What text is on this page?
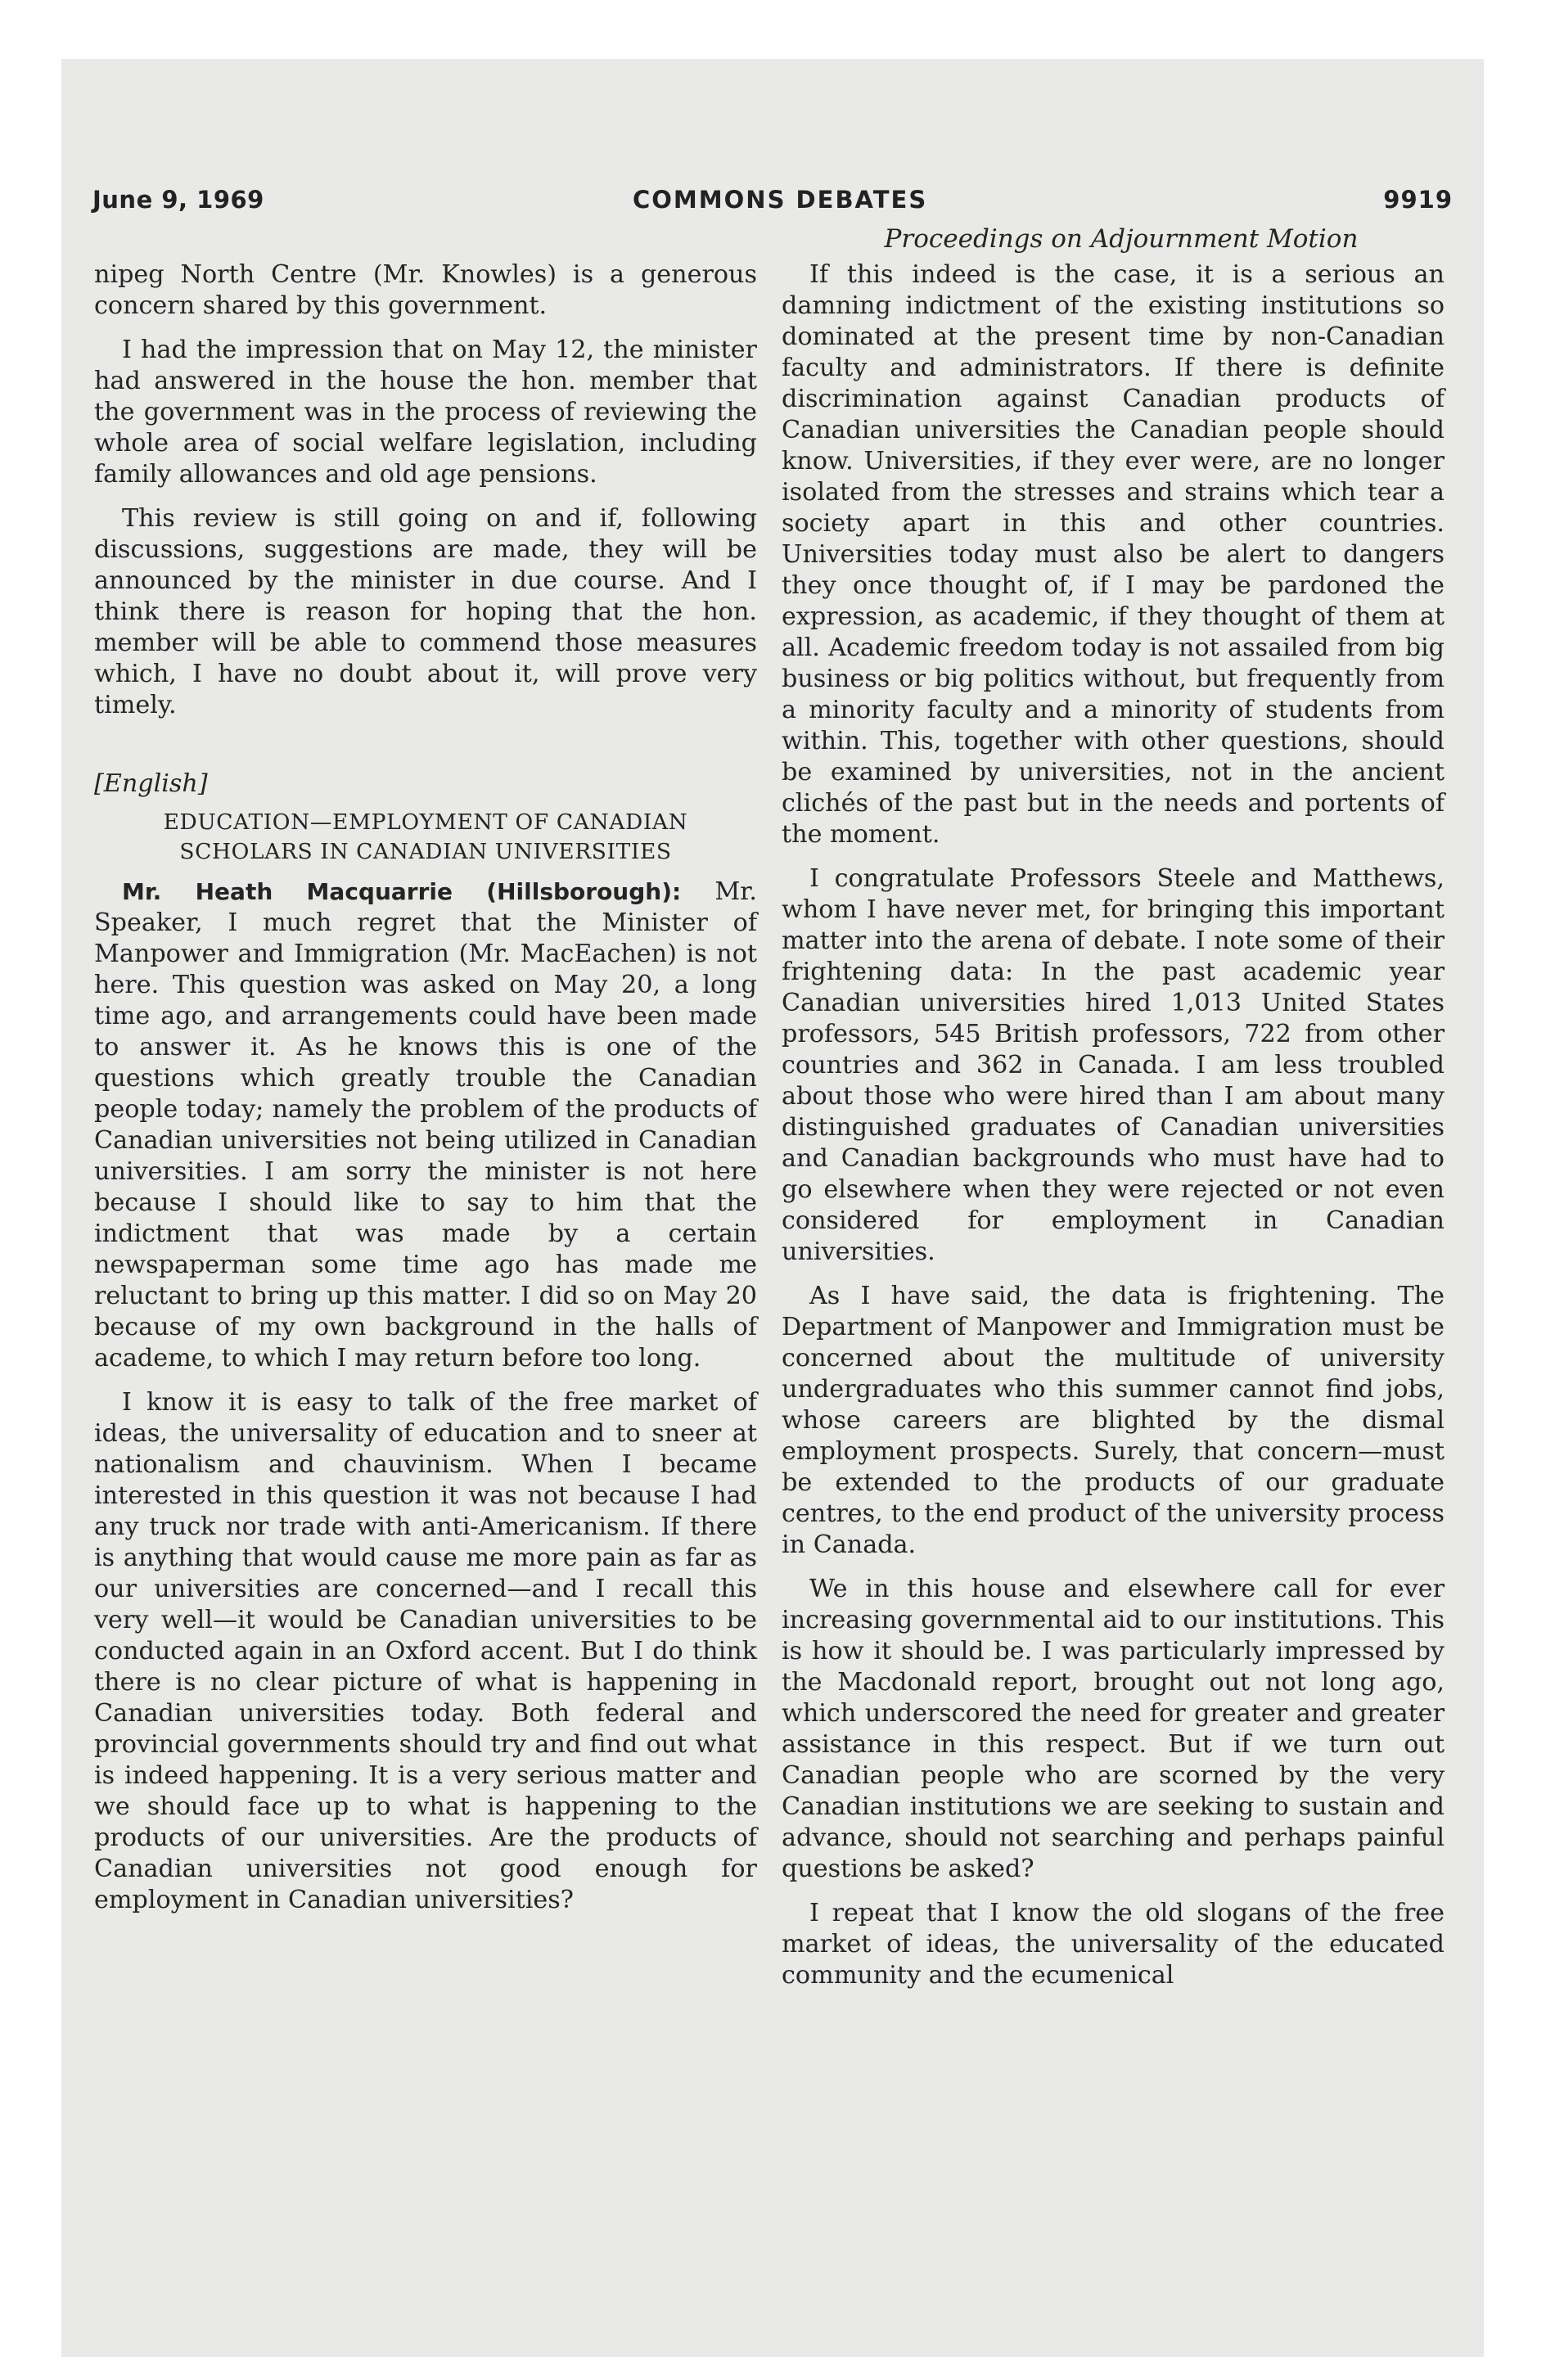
June 9, 1969	COMMONS DEBATES	9919
Proceedings on Adjournment Motion

nipeg North Centre (Mr. Knowles) is a generous concern shared by this government.

I had the impression that on May 12, the minister had answered in the house the hon. member that the government was in the process of reviewing the whole area of social welfare legislation, including family allowances and old age pensions.

This review is still going on and if, following discussions, suggestions are made, they will be announced by the minister in due course. And I think there is reason for hoping that the hon. member will be able to commend those measures which, I have no doubt about it, will prove very timely.

[English]

EDUCATION—EMPLOYMENT OF CANADIAN SCHOLARS IN CANADIAN UNIVERSITIES

Mr. Heath Macquarrie (Hillsborough): Mr. Speaker, I much regret that the Minister of Manpower and Immigration (Mr. MacEachen) is not here. This question was asked on May 20, a long time ago, and arrangements could have been made to answer it. As he knows this is one of the questions which greatly trouble the Canadian people today; namely the problem of the products of Canadian universities not being utilized in Canadian universities. I am sorry the minister is not here because I should like to say to him that the indictment that was made by a certain newspaperman some time ago has made me reluctant to bring up this matter. I did so on May 20 because of my own background in the halls of academe, to which I may return before too long.

I know it is easy to talk of the free market of ideas, the universality of education and to sneer at nationalism and chauvinism. When I became interested in this question it was not because I had any truck nor trade with anti-Americanism. If there is anything that would cause me more pain as far as our universities are concerned—and I recall this very well—it would be Canadian universities to be conducted again in an Oxford accent. But I do think there is no clear picture of what is happening in Canadian universities today. Both federal and provincial governments should try and find out what is indeed happening. It is a very serious matter and we should face up to what is happening to the products of our universities. Are the products of Canadian universities not good enough for employment in Canadian universities?

If this indeed is the case, it is a serious an damning indictment of the existing institutions so dominated at the present time by non-Canadian faculty and administrators. If there is definite discrimination against Canadian products of Canadian universities the Canadian people should know. Universities, if they ever were, are no longer isolated from the stresses and strains which tear a society apart in this and other countries. Universities today must also be alert to dangers they once thought of, if I may be pardoned the expression, as academic, if they thought of them at all. Academic freedom today is not assailed from big business or big politics without, but frequently from a minority faculty and a minority of students from within. This, together with other questions, should be examined by universities, not in the ancient clichés of the past but in the needs and portents of the moment.

I congratulate Professors Steele and Matthews, whom I have never met, for bringing this important matter into the arena of debate. I note some of their frightening data: In the past academic year Canadian universities hired 1,013 United States professors, 545 British professors, 722 from other countries and 362 in Canada. I am less troubled about those who were hired than I am about many distinguished graduates of Canadian universities and Canadian backgrounds who must have had to go elsewhere when they were rejected or not even considered for employment in Canadian universities.

As I have said, the data is frightening. The Department of Manpower and Immigration must be concerned about the multitude of university undergraduates who this summer cannot find jobs, whose careers are blighted by the dismal employment prospects. Surely, that concern—must be extended to the products of our graduate centres, to the end product of the university process in Canada.

We in this house and elsewhere call for ever increasing governmental aid to our institutions. This is how it should be. I was particularly impressed by the Macdonald report, brought out not long ago, which underscored the need for greater and greater assistance in this respect. But if we turn out Canadian people who are scorned by the very Canadian institutions we are seeking to sustain and advance, should not searching and perhaps painful questions be asked?

I repeat that I know the old slogans of the free market of ideas, the universality of the educated community and the ecumenical
